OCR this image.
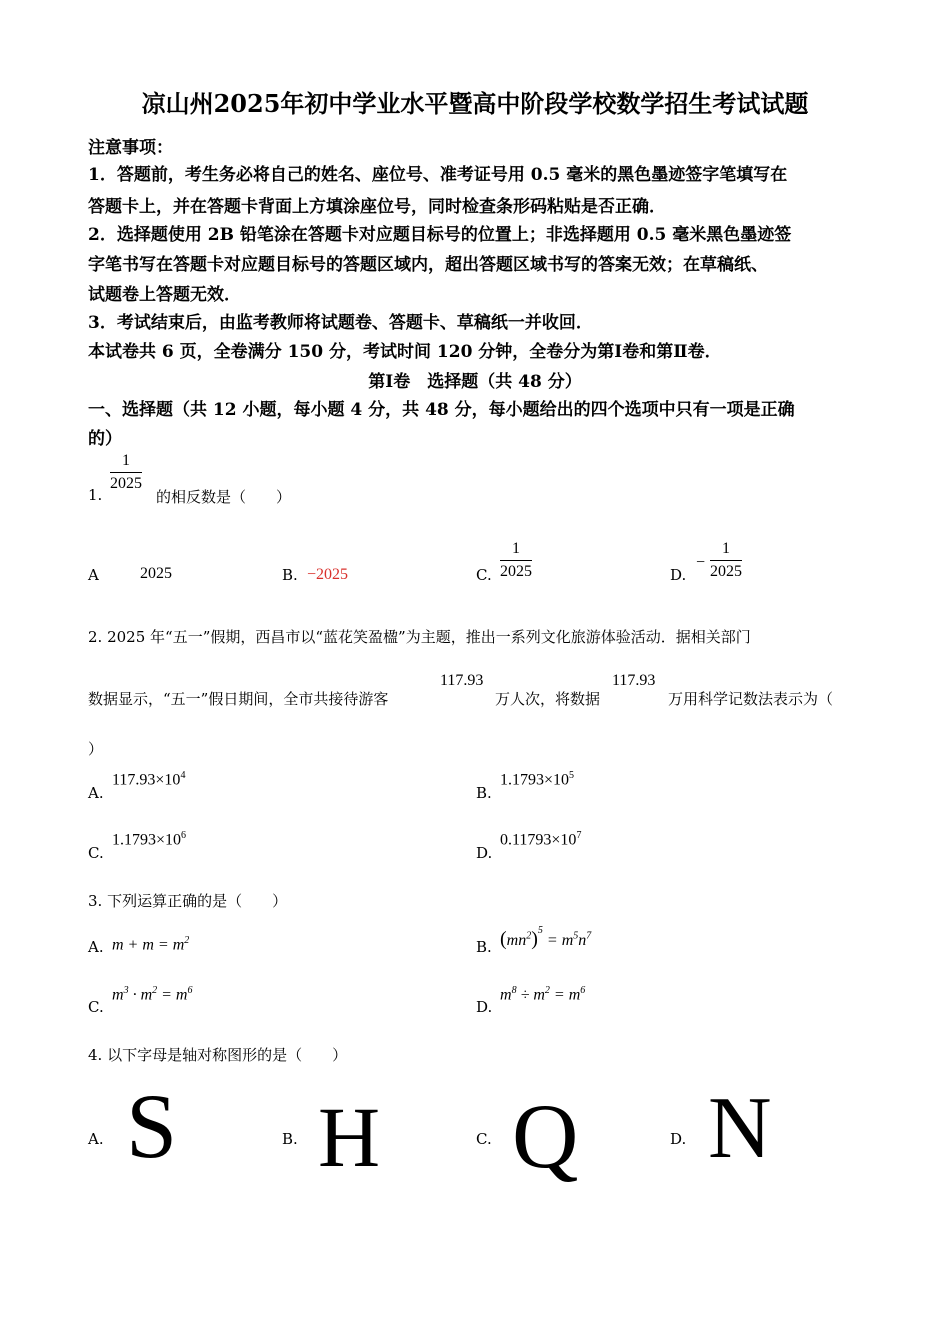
凉山州2025年初中学业水平暨高中阶段学校数学招生考试试题
注意事项：
1．答题前，考生务必将自己的姓名、座位号、准考证号用 0.5 毫米的黑色墨迹签字笔填写在
答题卡上，并在答题卡背面上方填涂座位号，同时检查条形码粘贴是否正确．
2．选择题使用 2B 铅笔涂在答题卡对应题目标号的位置上；非选择题用 0.5 毫米黑色墨迹签
字笔书写在答题卡对应题目标号的答题区域内，超出答题区域书写的答案无效；在草稿纸、
试题卷上答题无效．
3．考试结束后，由监考教师将试题卷、答题卡、草稿纸一并收回．
本试卷共 6 页，全卷满分 150 分，考试时间 120 分钟，全卷分为第Ⅰ卷和第Ⅱ卷．
第Ⅰ卷　选择题（共 48 分）
一、选择题（共 12 小题，每小题 4 分，共 48 分，每小题给出的四个选项中只有一项是正确
的）
1.
$\frac{1}{2025}$
的相反数是（　　）
A	2025	B. −2025	C. $\frac{1}{2025}$	D.
− $\frac{1}{2025}$
2. 2025 年“五一”假期，西昌市以“蓝花笑盈楹”为主题，推出一系列文化旅游体验活动．据相关部门
数据显示，“五一”假日期间，全市共接待游客
117.93
万人次，将数据
117.93
万用科学记数法表示为（
）
A.
$117.93\times 10^4$
B.
$1.1793\times 10^5$
C.
$1.1793\times 10^6$
D.
$0.11793\times 10^7$
3. 下列运算正确的是（　　）
A. $m + m = m^2$	B. $(mn^2)^5 = m^5n^7$
C.
$m^3 \cdot m^2 = m^6$
D.
$m^8 \div m^2 = m^6$
4. 以下字母是轴对称图形的是（　　）
A. S	B. H	C. Q	D. N
